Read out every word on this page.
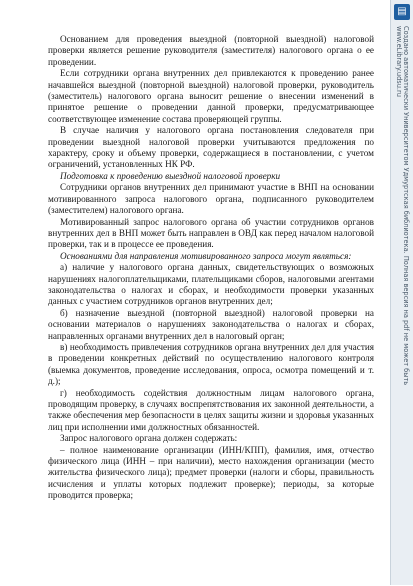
Основанием для проведения выездной (повторной выездной) налоговой проверки является решение руководителя (заместителя) налогового органа о ее проведении.

Если сотрудники органа внутренних дел привлекаются к проведению ранее начавшейся выездной (повторной выездной) налоговой проверки, руководитель (заместитель) налогового органа выносит решение о внесении изменений в принятое решение о проведении данной проверки, предусматривающее соответствующее изменение состава проверяющей группы.

В случае наличия у налогового органа постановления следователя при проведении выездной налоговой проверки учитываются предложения по характеру, сроку и объему проверки, содержащиеся в постановлении, с учетом ограничений, установленных НК РФ.

Подготовка к проведению выездной налоговой проверки

Сотрудники органов внутренних дел принимают участие в ВНП на основании мотивированного запроса налогового органа, подписанного руководителем (заместителем) налогового органа.

Мотивированный запрос налогового органа об участии сотрудников органов внутренних дел в ВНП может быть направлен в ОВД как перед началом налоговой проверки, так и в процессе ее проведения.

Основаниями для направления мотивированного запроса могут являться:

а) наличие у налогового органа данных, свидетельствующих о возможных нарушениях налогоплательщиками, плательщиками сборов, налоговыми агентами законодательства о налогах и сборах, и необходимости проверки указанных данных с участием сотрудников органов внутренних дел;

б) назначение выездной (повторной выездной) налоговой проверки на основании материалов о нарушениях законодательства о налогах и сборах, направленных органами внутренних дел в налоговый орган;

в) необходимость привлечения сотрудников органа внутренних дел для участия в проведении конкретных действий по осуществлению налогового контроля (выемка документов, проведение исследования, опроса, осмотра помещений и т. д.);

г) необходимость содействия должностным лицам налогового органа, проводящим проверку, в случаях воспрепятствования их законной деятельности, а также обеспечения мер безопасности в целях защиты жизни и здоровья указанных лиц при исполнении ими должностных обязанностей.

Запрос налогового органа должен содержать:

– полное наименование организации (ИНН/КПП), фамилия, имя, отчество физического лица (ИНН – при наличии), место нахождения организации (место жительства физического лица); предмет проверки (налоги и сборы, правильность исчисления и уплаты которых подлежит проверке); периоды, за которые проводится проверка;

▤
Создано автоматически Университетом Удмуртская библиотека. Полная версия на pdf не может быть
www.eLibrary.udsu.ru
